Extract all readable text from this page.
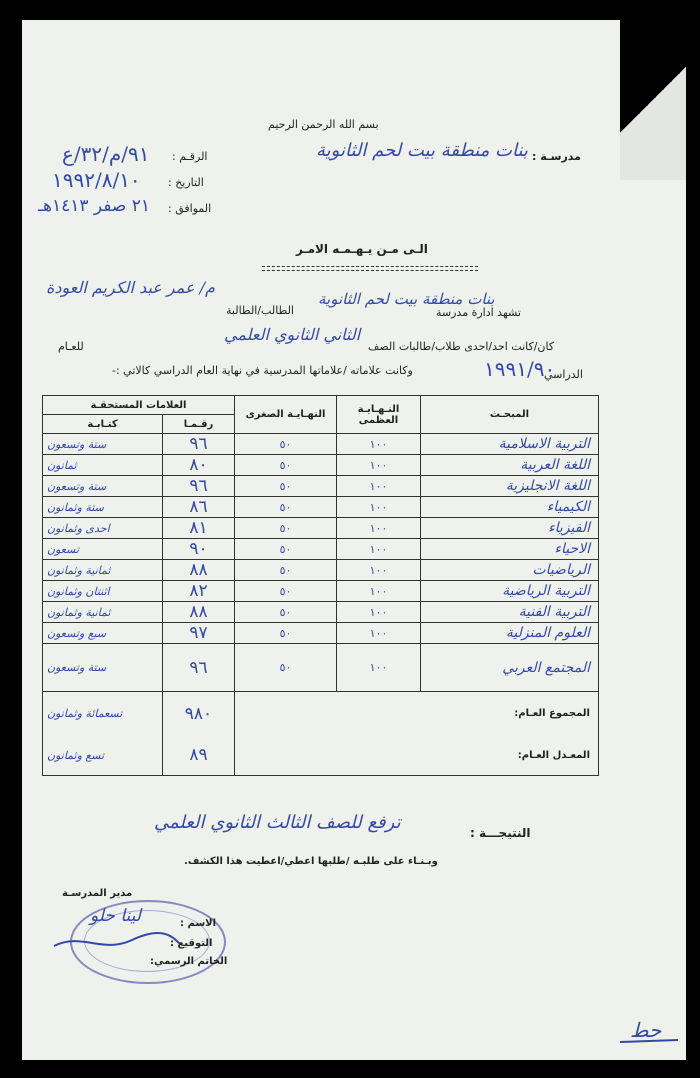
بسم الله الرحمن الرحيم
مدرسـة :
بنات منطقة بيت لحم الثانوية
الرقـم :
٩١/م/٣٢/ع
التاريخ :
١٩٩٢/٨/١٠
الموافق :
٢١ صفر ١٤١٣هـ
الـى مـن يـهـمـه الامـر
تشهد ادارة مدرسة
بنات منطقة بيت لحم الثانوية
الطالب/الطالبة
م/ عمر عبد الكريم العودة
كان/كانت احد/احدى طلاب/طالبات الصف
الثاني الثانوي العلمي
للعـام
الدراسي
١٩٩١/٩٠
وكانت علاماته /علاماتها المدرسية في نهاية العام الدراسي كالاتي :-
المبحـث	النـهـايـة العظمى	النهـايـة الصغرى	العلامات المستحقـة	
			رقـمـا	كتـابـة
التربية الاسلامية	١٠٠	٥٠	٩٦	ستة وتسعون
اللغة العربية	١٠٠	٥٠	٨٠	ثمانون
اللغة الانجليزية	١٠٠	٥٠	٩٦	ستة وتسعون
الكيمياء	١٠٠	٥٠	٨٦	ستة وثمانون
الفيزياء	١٠٠	٥٠	٨١	احدى وثمانون
الاحياء	١٠٠	٥٠	٩٠	تسعون
الرياضيات	١٠٠	٥٠	٨٨	ثمانية وثمانون
التربية الرياضية	١٠٠	٥٠	٨٢	اثنتان وثمانون
التربية الفنية	١٠٠	٥٠	٨٨	ثمانية وثمانون
العلوم المنزلية	١٠٠	٥٠	٩٧	سبع وتسعون
المجتمع العربي	١٠٠	٥٠	٩٦	ستة وتسعون
المجموع العـام:			٩٨٠	تسعمائة وثمانون
المعـدل العـام:			٨٩	تسع وثمانون
النتيجـــة :
ترفع للصف الثالث الثانوي العلمي
وبـنـاء على طلبـه /طلبها اعطي/اعطيت هذا الكشف.
مدير المدرسـة
الاسم :
لينا حلو
التوقيع :
الخاتم الرسمي:
حط
